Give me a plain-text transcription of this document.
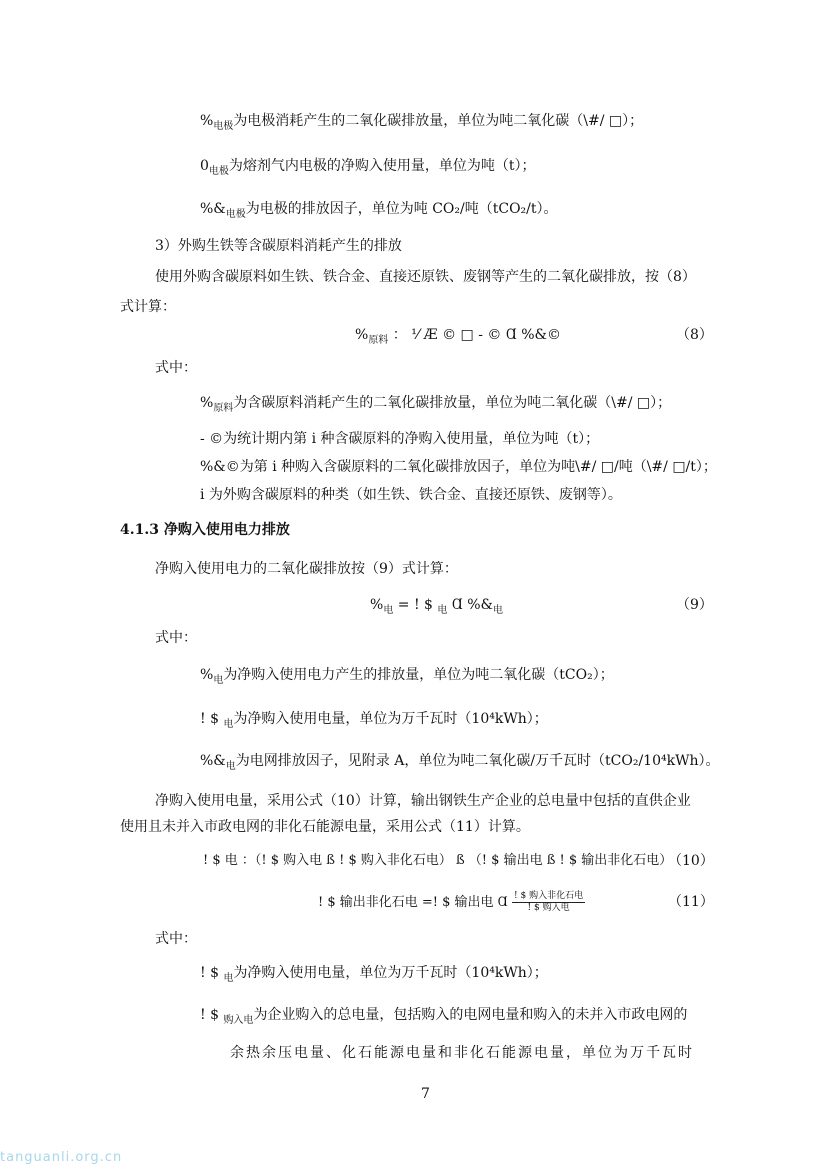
$\%_{电极}$为电极消耗产生的二氧化碳排放量，单位为吨二氧化碳（\#/ □）；
$0_{电极}$为熔剂气内电极的净购入使用量，单位为吨（t）；
$\%\&_{电极}$为电极的排放因子，单位为吨 CO₂/吨（tCO₂/t）。
3）外购生铁等含碳原料消耗产生的排放
使用外购含碳原料如生铁、铁合金、直接还原铁、废钢等产生的二氧化碳排放，按（8）
式计算：
$\%_{原料}$ ： ⅟ Æ © □ - © Ɑ %&©	（8）
式中：
$\%_{原料}$为含碳原料消耗产生的二氧化碳排放量，单位为吨二氧化碳（\#/ □）；
- ©为统计期内第 i 种含碳原料的净购入使用量，单位为吨（t）；
%&©为第 i 种购入含碳原料的二氧化碳排放因子，单位为吨\#/ □/吨（\#/ □/t）；
i 为外购含碳原料的种类（如生铁、铁合金、直接还原铁、废钢等）。
4.1.3 净购入使用电力排放
净购入使用电力的二氧化碳排放按（9）式计算：
$\%_电$ = ! $ $_电$ Ɑ $\%\&_电$	（9）
式中：
$\%_电$为净购入使用电力产生的排放量，单位为吨二氧化碳（tCO₂）；
! $ $_电$为净购入使用电量，单位为万千瓦时（10⁴kWh）；
$\%\&_电$为电网排放因子，见附录 A，单位为吨二氧化碳/万千瓦时（tCO₂/10⁴kWh）。
净购入使用电量，采用公式（10）计算，输出钢铁生产企业的总电量中包括的直供企业
使用且未并入市政电网的非化石能源电量，采用公式（11）计算。
! $ 电 ：（! $ 购入电 ß ! $ 购入非化石电） ß （! $ 输出电 ß ! $ 输出非化石电）
（10）
! $ 输出非化石电 =! $ 输出电 Ɑ $\frac{\text{! \$ 购入非化石电}}{\text{! \$ 购入电}}$	（11）
式中：
! $ $_电$为净购入使用电量，单位为万千瓦时（10⁴kWh）；
! $ $_{购入电}$为企业购入的总电量，包括购入的电网电量和购入的未并入市政电网的
余热余压电量、化石能源电量和非化石能源电量，单位为万千瓦时
7
tanguanli.org.cn
